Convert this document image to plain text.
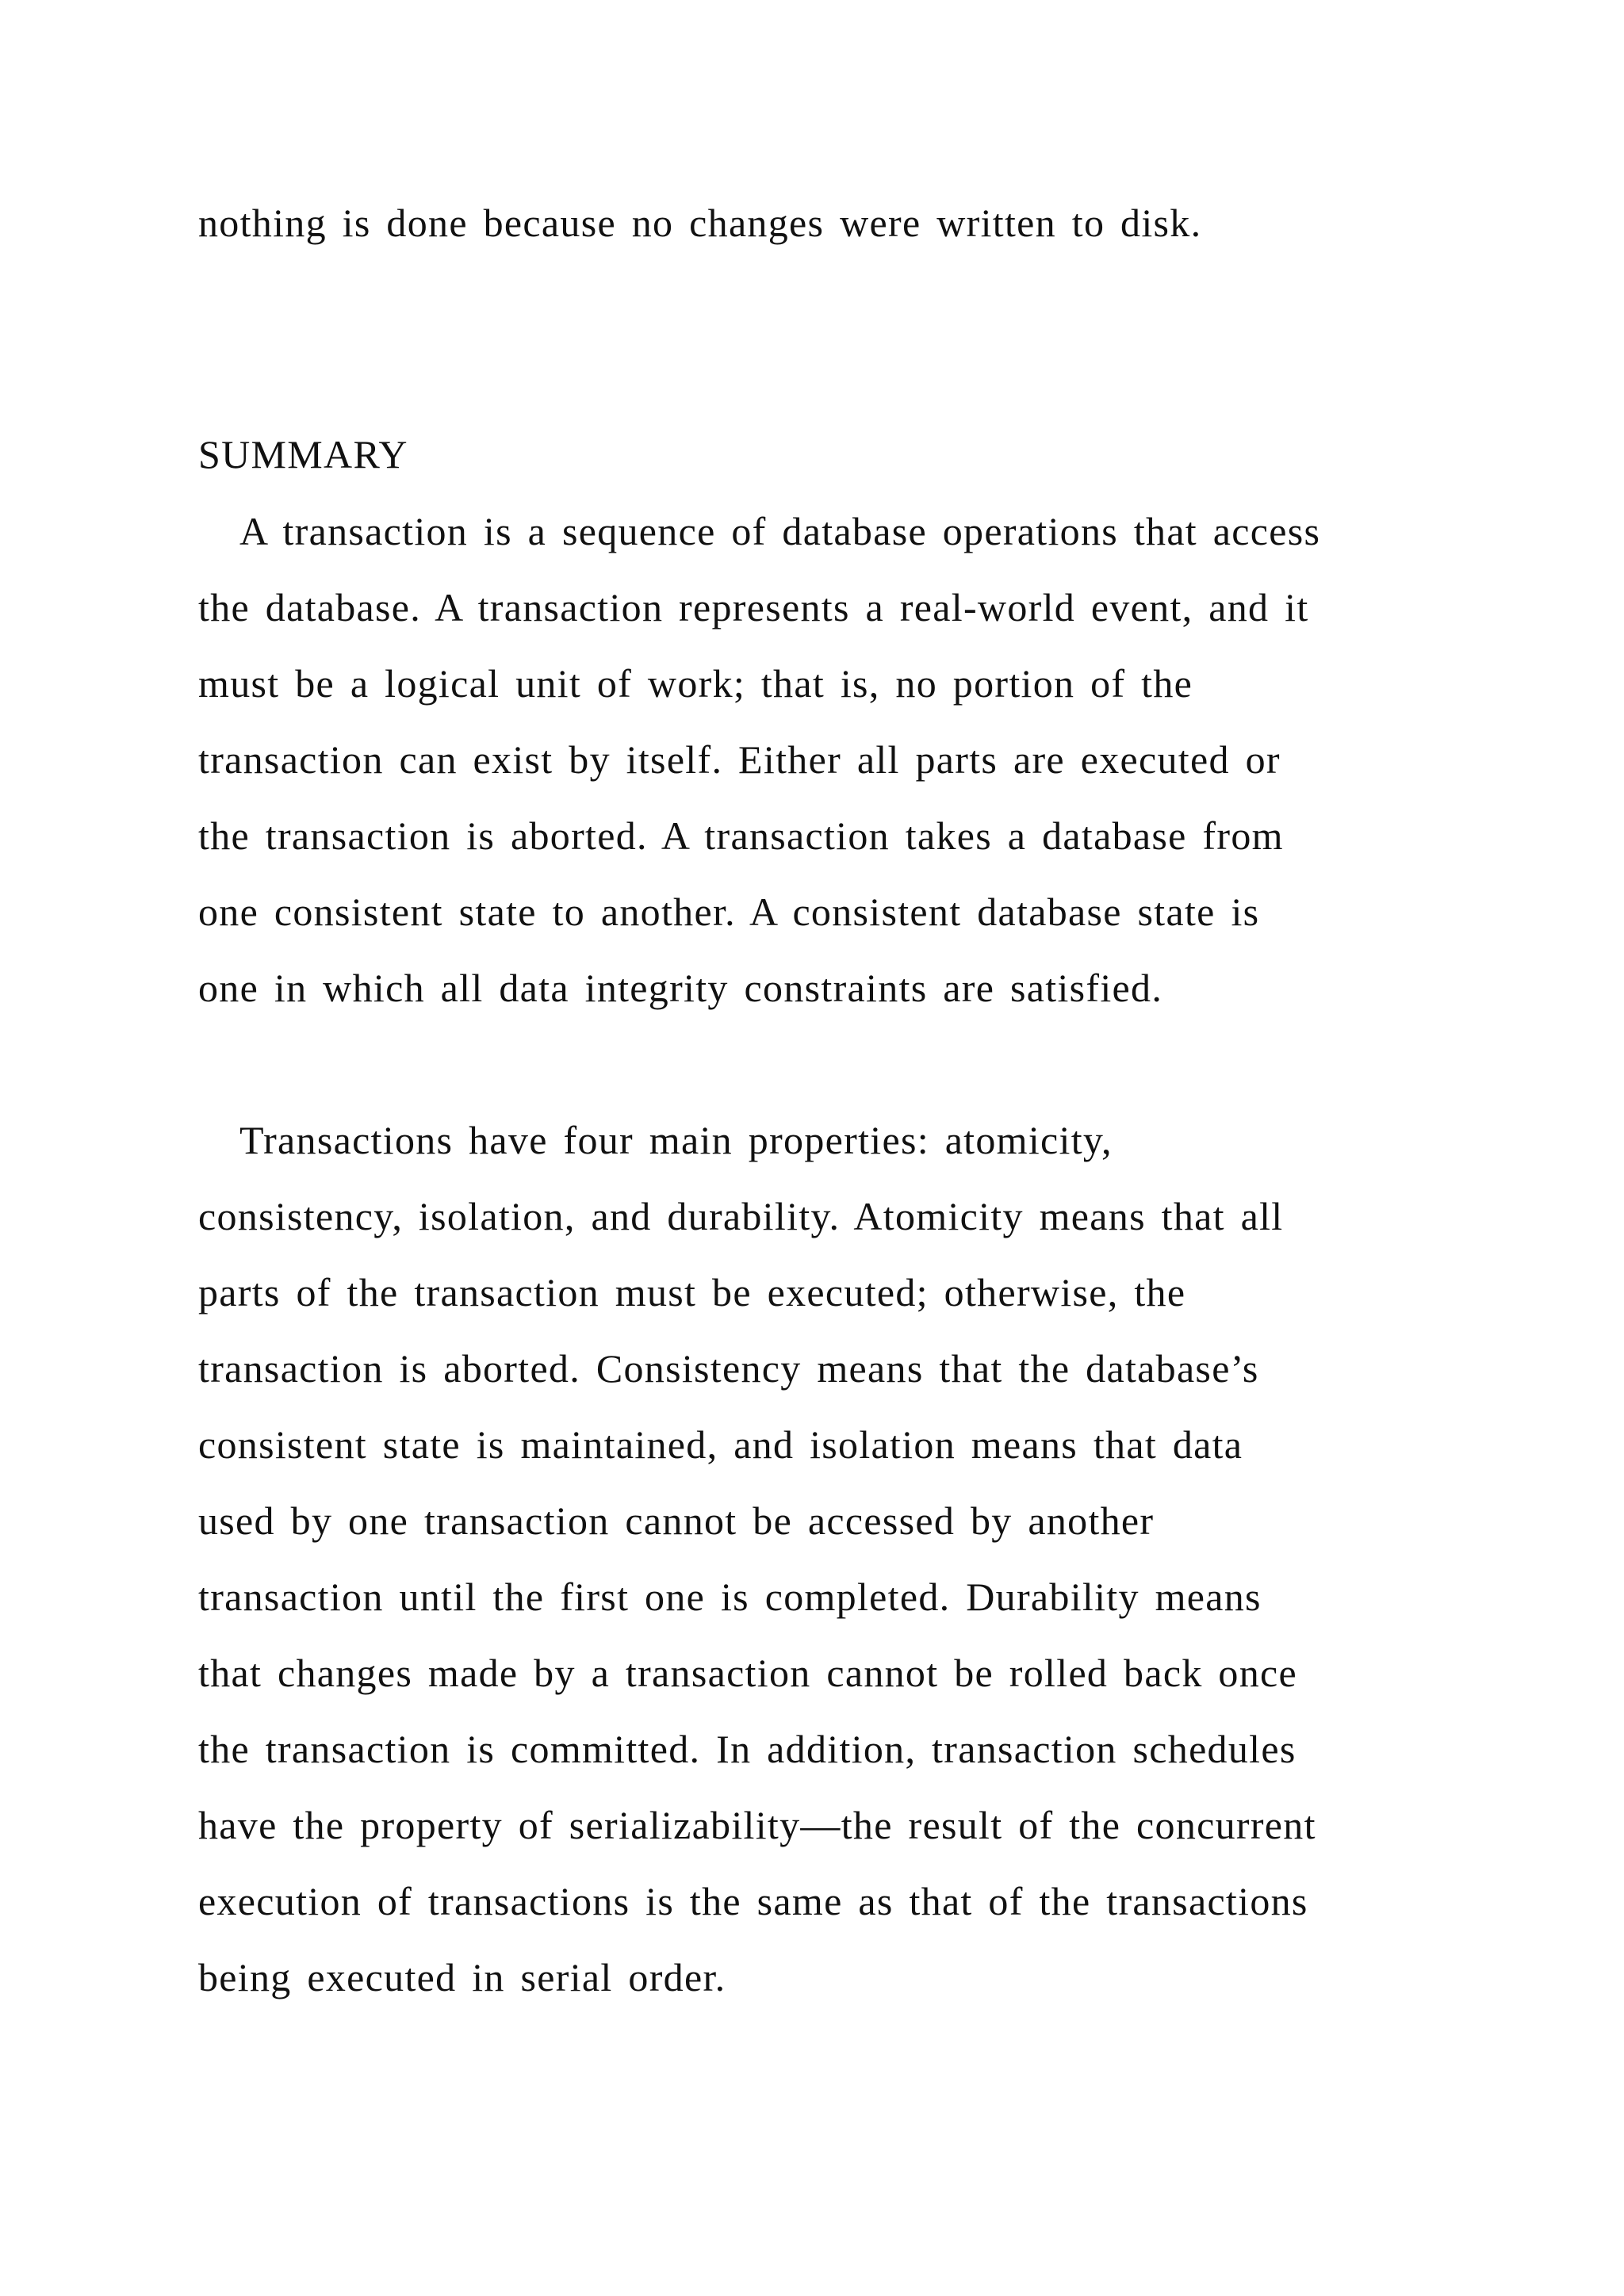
nothing is done because no changes were written to disk.

SUMMARY

A transaction is a sequence of database operations that access

the database. A transaction represents a real-world event, and it

must be a logical unit of work; that is, no portion of the

transaction can exist by itself. Either all parts are executed or

the transaction is aborted. A transaction takes a database from

one consistent state to another. A consistent database state is

one in which all data integrity constraints are satisfied.

Transactions have four main properties: atomicity,

consistency, isolation, and durability. Atomicity means that all

parts of the transaction must be executed; otherwise, the

transaction is aborted. Consistency means that the database’s

consistent state is maintained, and isolation means that data

used by one transaction cannot be accessed by another

transaction until the first one is completed. Durability means

that changes made by a transaction cannot be rolled back once

the transaction is committed. In addition, transaction schedules

have the property of serializability—the result of the concurrent

execution of transactions is the same as that of the transactions

being executed in serial order.
